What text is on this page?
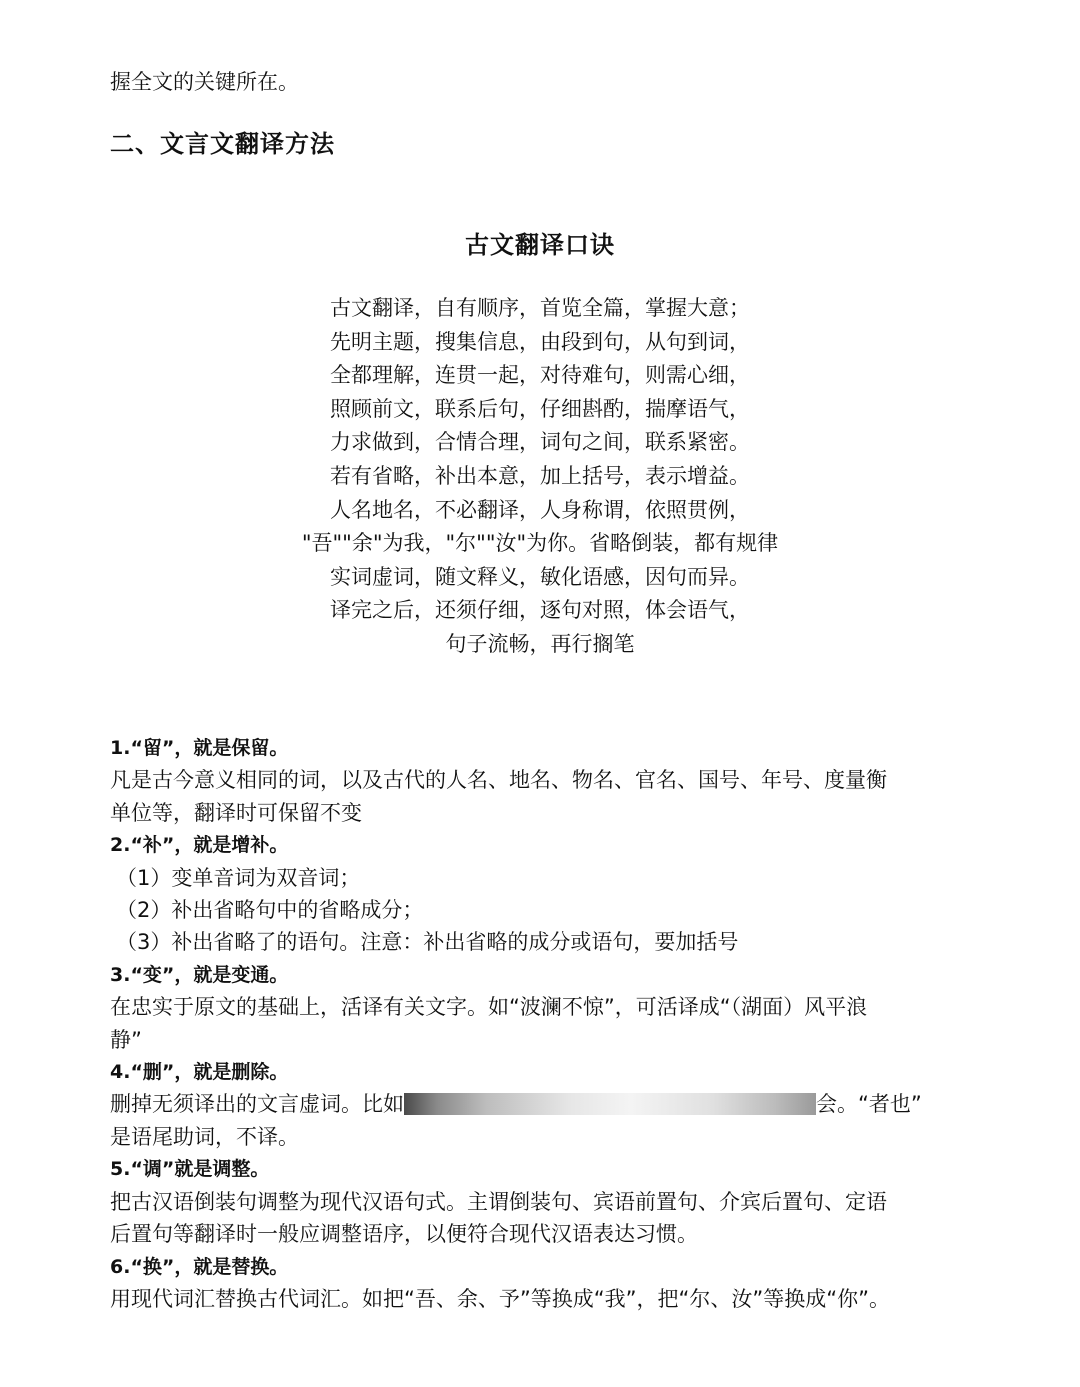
握全文的关键所在。
二、文言文翻译方法
古文翻译口诀
古文翻译，自有顺序，首览全篇，掌握大意；
先明主题，搜集信息，由段到句，从句到词，
全都理解，连贯一起，对待难句，则需心细，
照顾前文，联系后句，仔细斟酌，揣摩语气，
力求做到，合情合理，词句之间，联系紧密。
若有省略，补出本意，加上括号，表示增益。
人名地名，不必翻译，人身称谓，依照贯例，
"吾""余"为我，"尔""汝"为你。省略倒装，都有规律
实词虚词，随文释义，敏化语感，因句而异。
译完之后，还须仔细，逐句对照，体会语气，
句子流畅，再行搁笔
1.“留”，就是保留。
凡是古今意义相同的词，以及古代的人名、地名、物名、官名、国号、年号、度量衡
单位等，翻译时可保留不变
2.“补”，就是增补。
（1）变单音词为双音词；
（2）补出省略句中的省略成分；
（3）补出省略了的语句。注意：补出省略的成分或语句，要加括号
3.“变”，就是变通。
在忠实于原文的基础上，活译有关文字。如“波澜不惊”，可活译成“（湖面）风平浪
静”
4.“删”，就是删除。
删掉无须译出的文言虚词。比如	会。“者也”
是语尾助词，不译。
5.“调”就是调整。
把古汉语倒装句调整为现代汉语句式。主谓倒装句、宾语前置句、介宾后置句、定语
后置句等翻译时一般应调整语序，以便符合现代汉语表达习惯。
6.“换”，就是替换。
用现代词汇替换古代词汇。如把“吾、余、予”等换成“我”，把“尔、汝”等换成“你”。
